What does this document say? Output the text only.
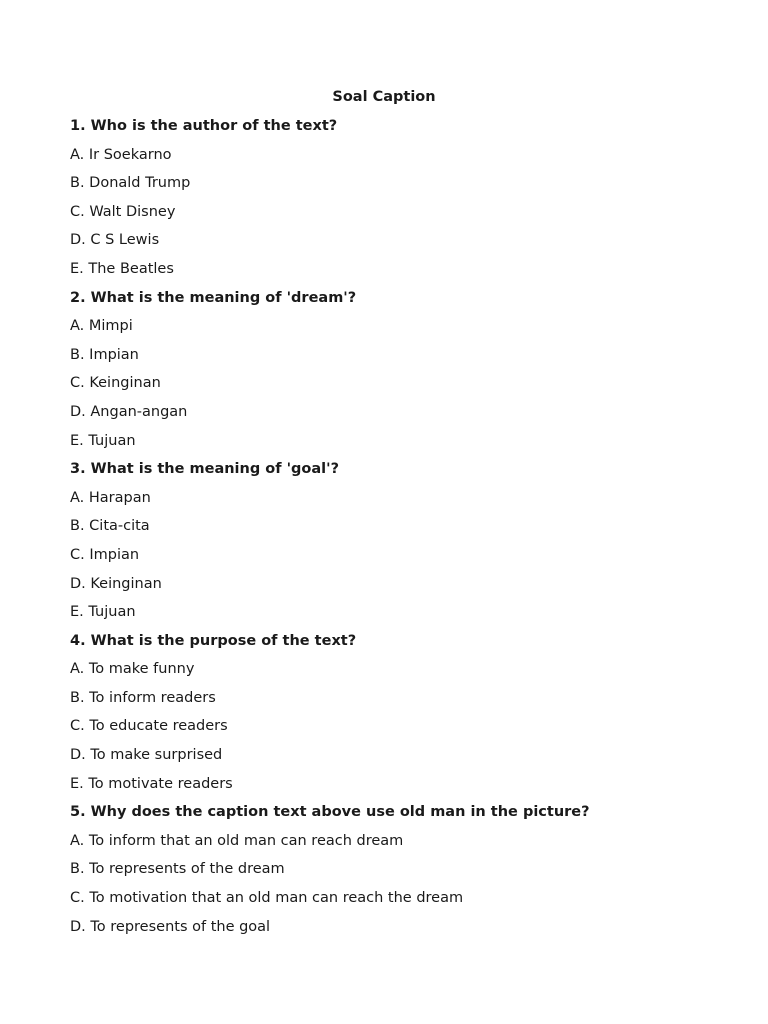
Soal Caption
1. Who is the author of the text?
A. Ir Soekarno
B. Donald Trump
C. Walt Disney
D. C S Lewis
E. The Beatles
2. What is the meaning of 'dream'?
A. Mimpi
B. Impian
C. Keinginan
D. Angan-angan
E. Tujuan
3. What is the meaning of 'goal'?
A. Harapan
B. Cita-cita
C. Impian
D. Keinginan
E. Tujuan
4. What is the purpose of the text?
A. To make funny
B. To inform readers
C. To educate readers
D. To make surprised
E. To motivate readers
5. Why does the caption text above use old man in the picture?
A. To inform that an old man can reach dream
B. To represents of the dream
C. To motivation that an old man can reach the dream
D. To represents of the goal
